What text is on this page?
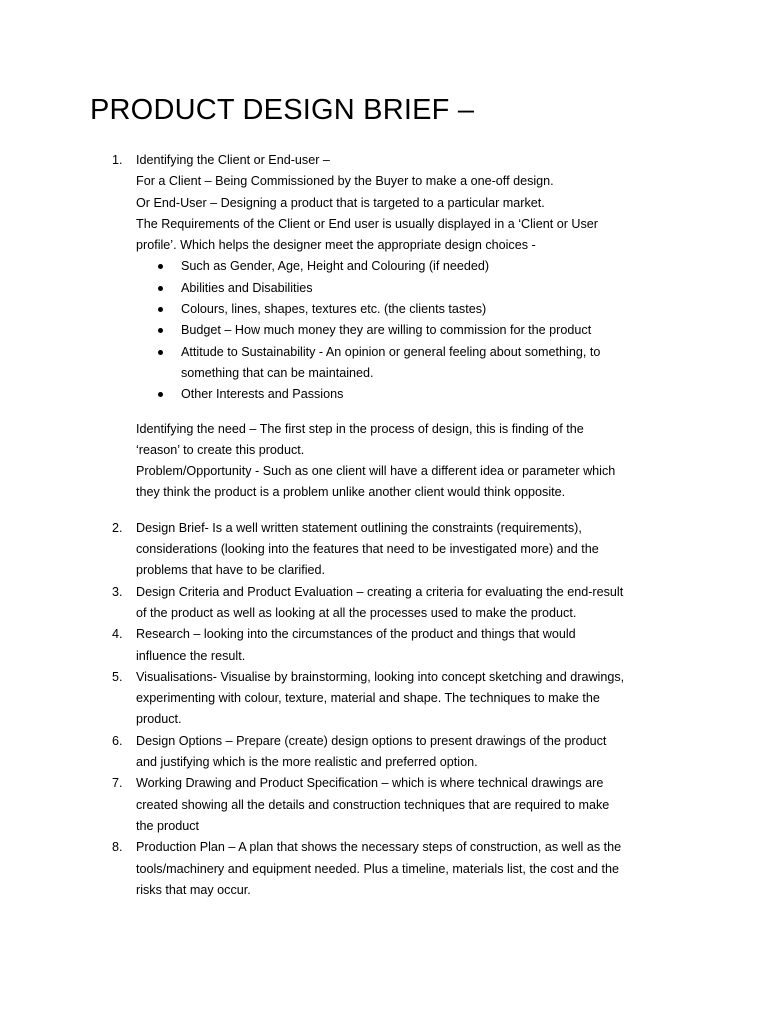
PRODUCT DESIGN BRIEF –
1. Identifying the Client or End-user –
For a Client – Being Commissioned by the Buyer to make a one-off design.
Or End-User – Designing a product that is targeted to a particular market.
The Requirements of the Client or End user is usually displayed in a ‘Client or User
profile’. Which helps the designer meet the appropriate design choices -
Such as Gender, Age, Height and Colouring (if needed)
Abilities and Disabilities
Colours, lines, shapes, textures etc. (the clients tastes)
Budget – How much money they are willing to commission for the product
Attitude to Sustainability - An opinion or general feeling about something, to
something that can be maintained.
Other Interests and Passions
Identifying the need – The first step in the process of design, this is finding of the
‘reason’ to create this product.
Problem/Opportunity - Such as one client will have a different idea or parameter which
they think the product is a problem unlike another client would think opposite.
2. Design Brief- Is a well written statement outlining the constraints (requirements),
considerations (looking into the features that need to be investigated more) and the
problems that have to be clarified.
3. Design Criteria and Product Evaluation – creating a criteria for evaluating the end-result
of the product as well as looking at all the processes used to make the product.
4. Research – looking into the circumstances of the product and things that would
influence the result.
5. Visualisations- Visualise by brainstorming, looking into concept sketching and drawings,
experimenting with colour, texture, material and shape. The techniques to make the
product.
6. Design Options – Prepare (create) design options to present drawings of the product
and justifying which is the more realistic and preferred option.
7. Working Drawing and Product Specification – which is where technical drawings are
created showing all the details and construction techniques that are required to make
the product
8. Production Plan – A plan that shows the necessary steps of construction, as well as the
tools/machinery and equipment needed. Plus a timeline, materials list, the cost and the
risks that may occur.
